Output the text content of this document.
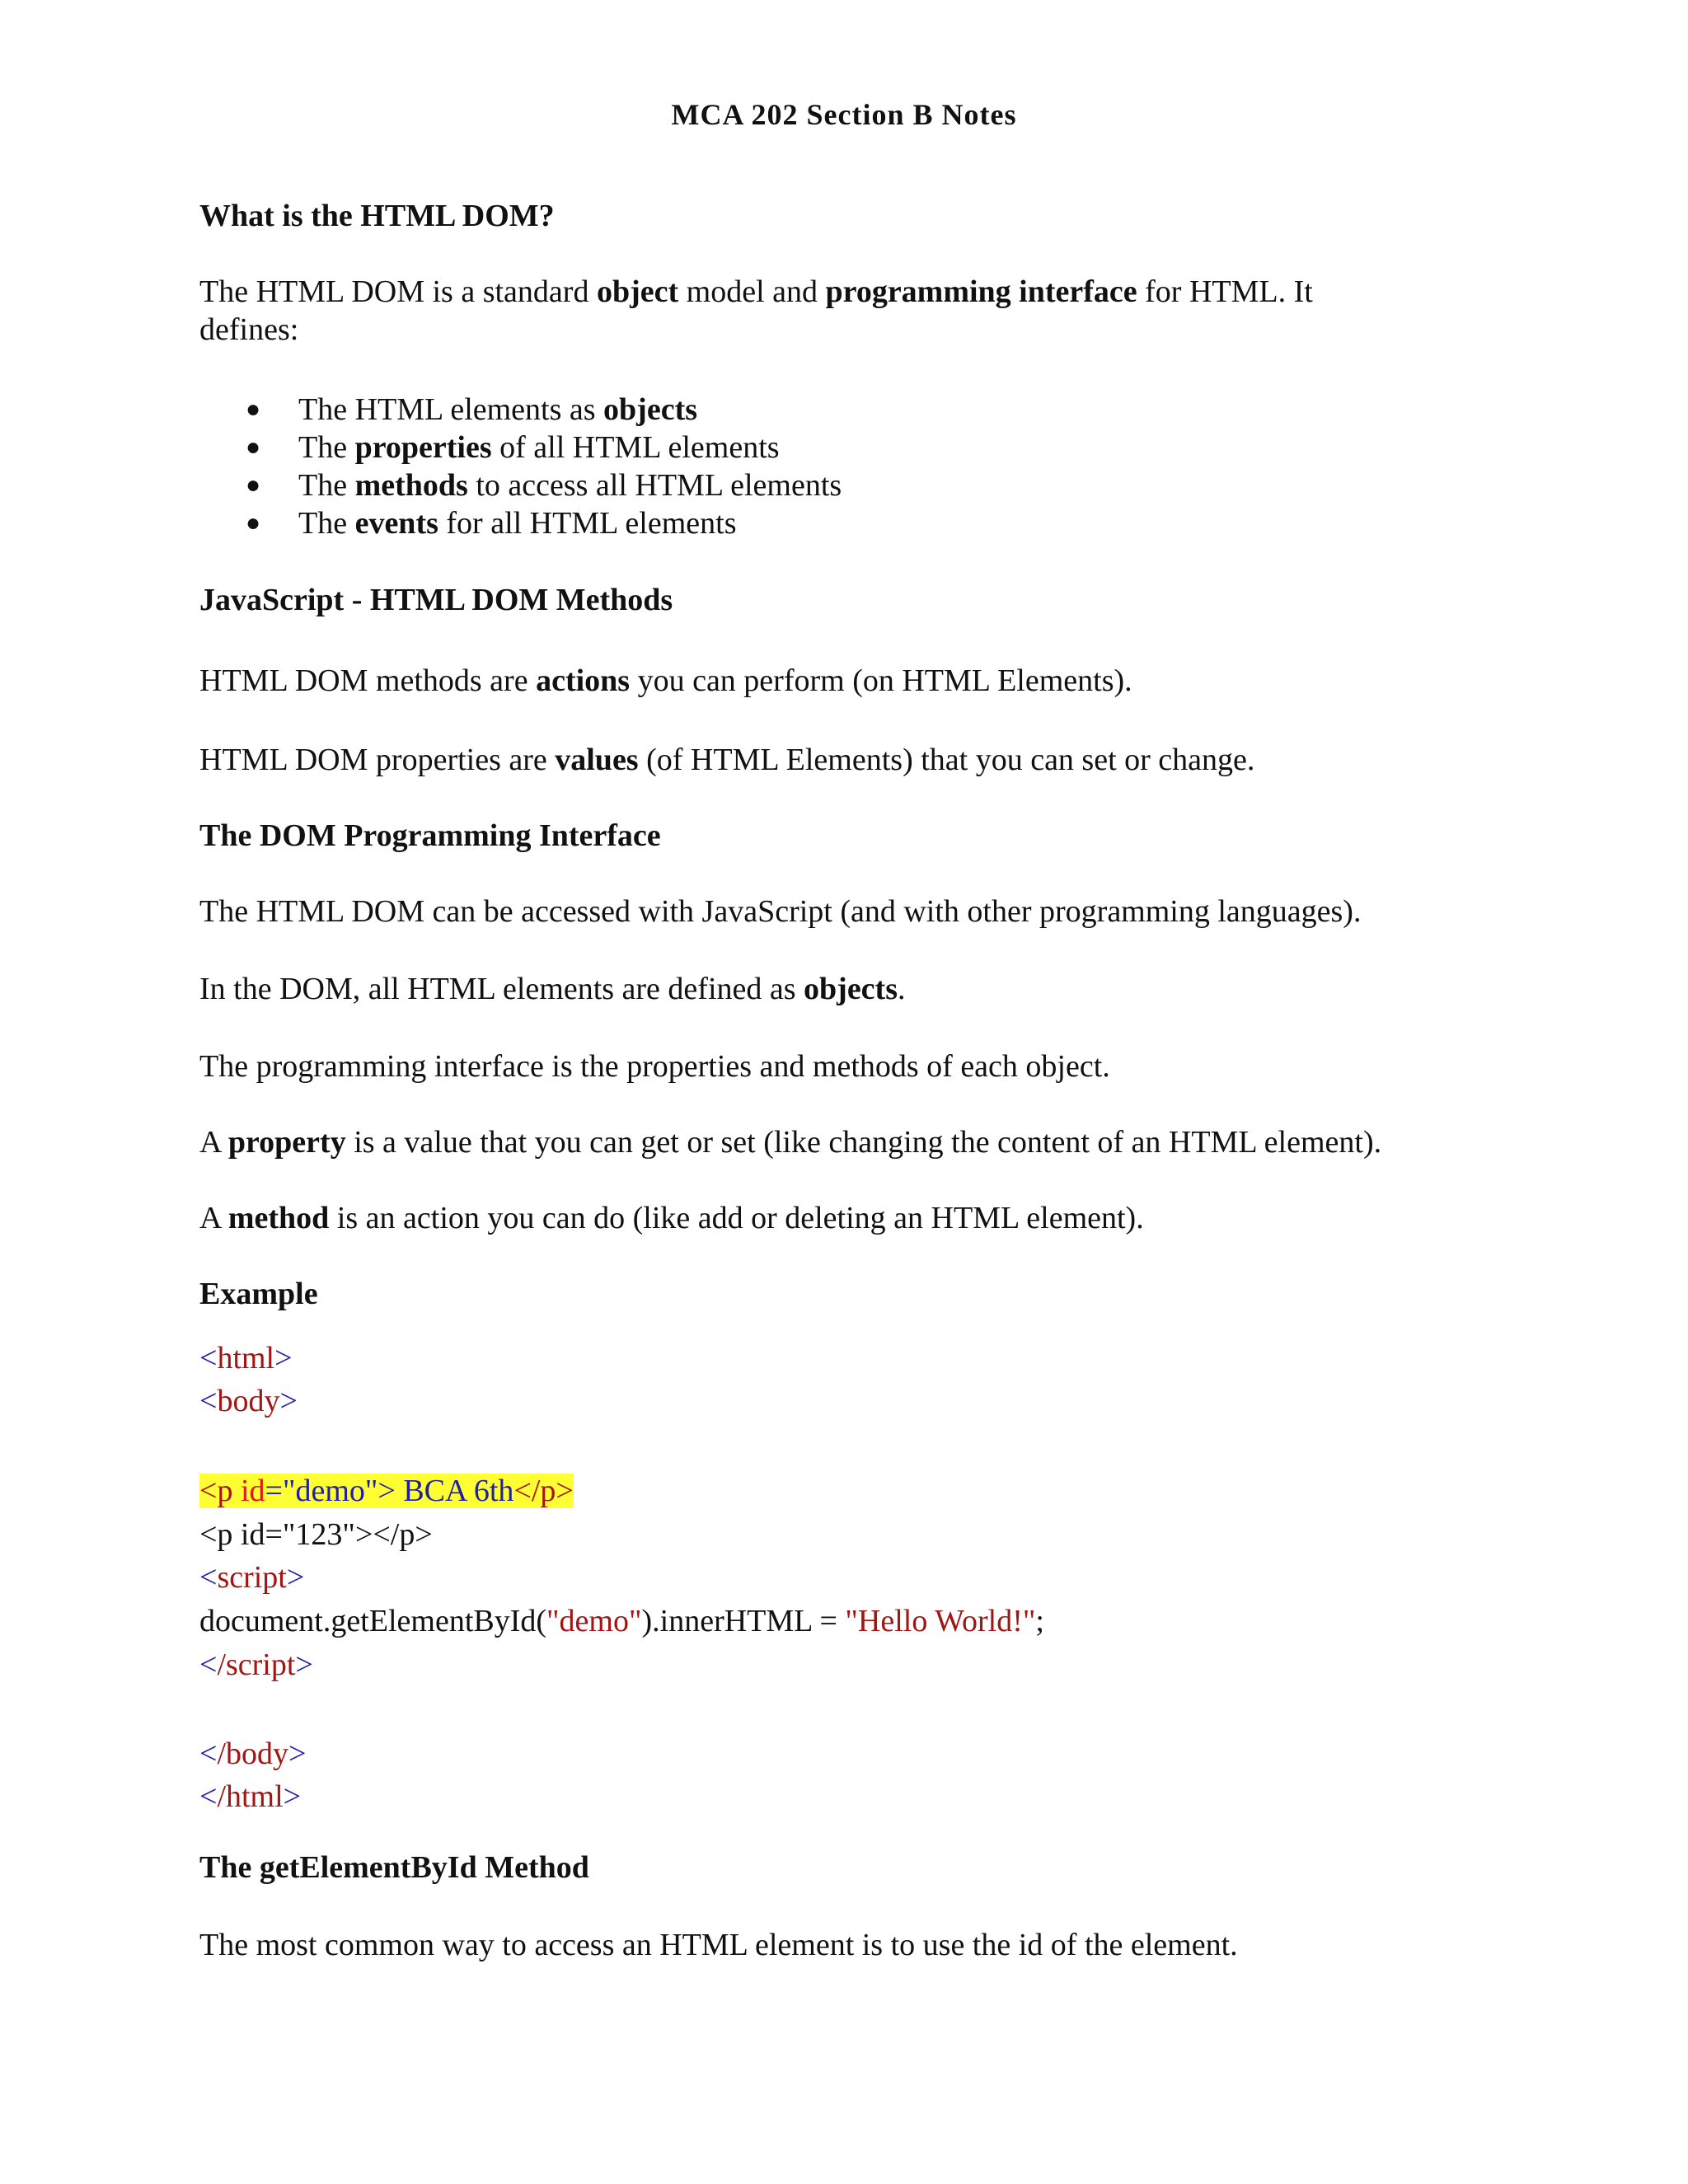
MCA 202 Section B Notes
What is the HTML DOM?
The HTML DOM is a standard object model and programming interface for HTML. It
defines:
● The HTML elements as objects
● The properties of all HTML elements
● The methods to access all HTML elements
● The events for all HTML elements
JavaScript - HTML DOM Methods
HTML DOM methods are actions you can perform (on HTML Elements).
HTML DOM properties are values (of HTML Elements) that you can set or change.
The DOM Programming Interface
The HTML DOM can be accessed with JavaScript (and with other programming languages).
In the DOM, all HTML elements are defined as objects.
The programming interface is the properties and methods of each object.
A property is a value that you can get or set (like changing the content of an HTML element).
A method is an action you can do (like add or deleting an HTML element).
Example
<html>
<body>
<p id="demo"> BCA 6th</p>
<p id="123"></p>
<script>
document.getElementById("demo").innerHTML = "Hello World!";
</script>
</body>
</html>
The getElementById Method
The most common way to access an HTML element is to use the id of the element.
